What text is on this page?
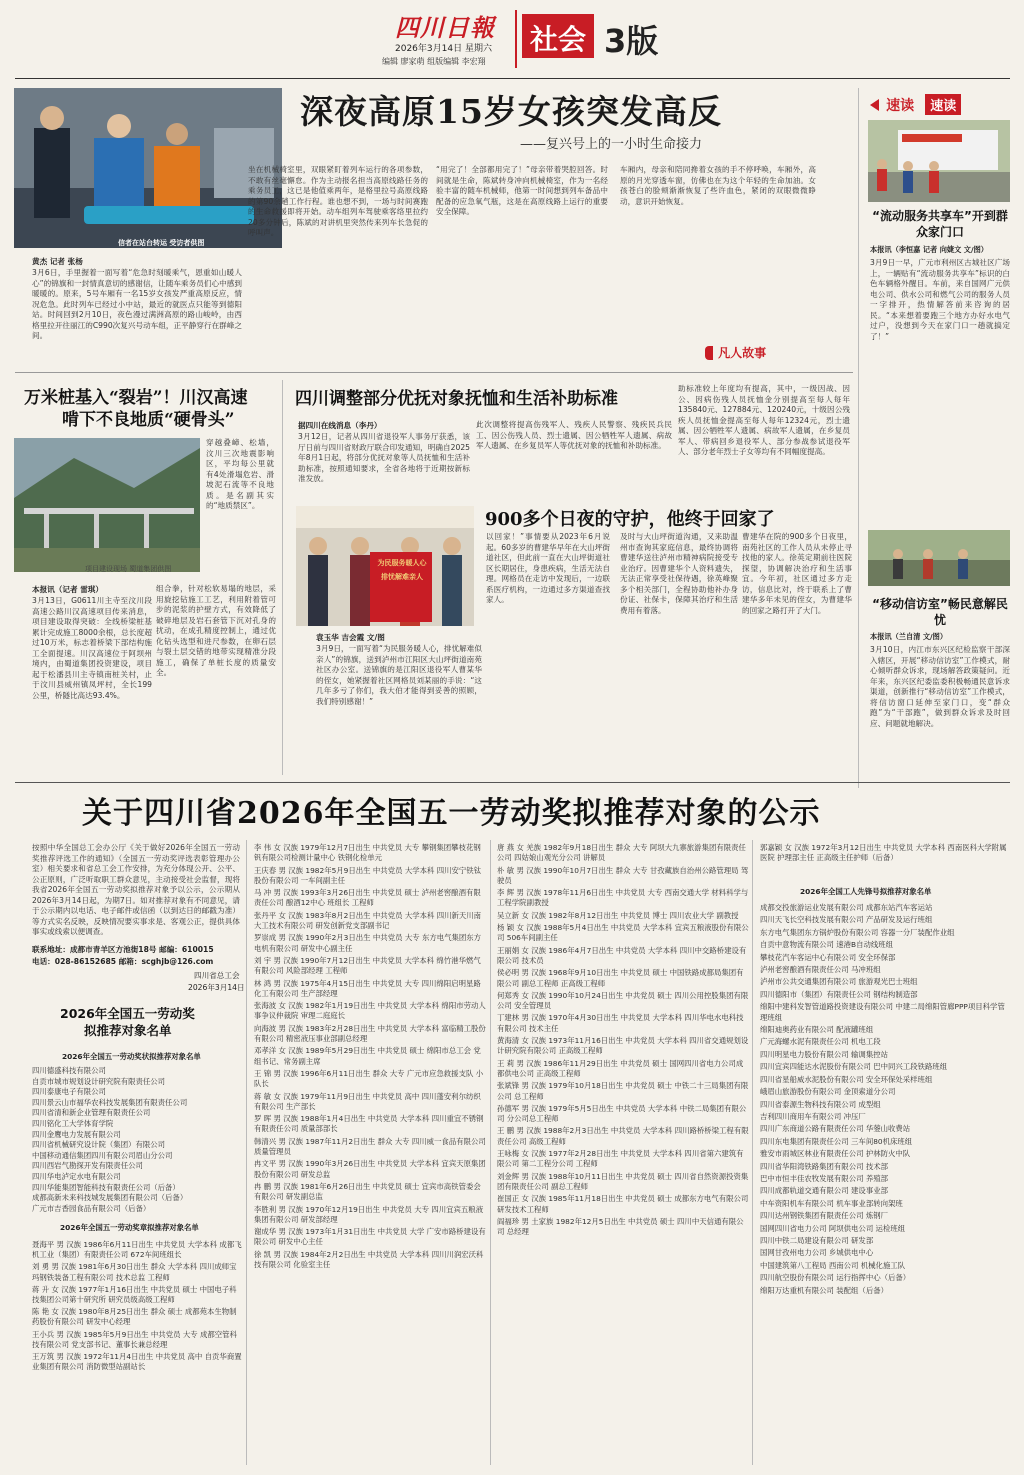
四川日報
2026年3月14日 星期六
编辑 廖家萌 组版编辑 李宏翔
社会 3版
信者在站台转运 受访者供图
深夜高原15岁女孩突发高反
——复兴号上的一小时生命接力
黄杰 记者 张杨
3月6日，手里握着一面写着“危急时刻暖乘气，恩重如山暖人心”的锦旗和一封情真意切的感谢信，让随车乘务员们心中感到暖暖的。原来，5号车厢有一名15岁女孩发严重高原反应，情况危急。此时列车已经过小中站，最近的就医点只能等到德阳站。时间回到2月10日，夜色漫过满洲高原的路山峻岭，由西格里拉开往丽江的C990次复兴号动车组，正平静穿行在群峰之间。
坐在机械椅室里，双眼紧盯着列车运行的各项参数，不敢有丝毫懈怠。作为主动报名担当高原线路任务的乘务员工，这已是他值乘两年，是格里拉号高原线路的第90余趟工作行程。谁也想不到，一场与时间赛跑的生命救援即将开始。动车组列车驾驶乘客络里拉约20多分钟后，陈斌的对讲机里突然传来列车长急促的呼叫声。
“用完了！全部都用完了！”母亲带着哭腔回答。时间就是生命，陈斌转身冲向机械椅室，作为一名经验丰富的随车机械师，他第一时间想到列车备品中配备的应急氧气瓶，这是在高原线路上运行的重要安全保障。
车厢内，母亲和陪同搀着女孩的手不停呼唤，车厢外，高原的月光穿透车窗，仿佛也在为这个年轻的生命加油。女孩苍白的脸颊渐渐恢复了些许血色，紧闭的双眼微微睁动，意识开始恢复。
凡人故事
速读 速读
“流动服务共享车”开到群众家门口
本报讯（李恒嘉 记者 向婕文 文/图）
3月9日一早，广元市利州区古城社区广场上，一辆贴有“流动服务共享车”标识的白色车辆格外醒目。车前，来自国网广元供电公司、供水公司和燃气公司的服务人员一字排开，热情解答前来咨询的居民。“本来想着要跑三个地方办好水电气过户，没想到今天在家门口一趟就搞定了！”
“移动信访室”畅民意解民忧
本报讯（兰自清 文/图）
3月10日，内江市东兴区纪检监察干部深入辖区，开展“移动信访室”工作模式，耐心倾听群众诉求，现场解答政策疑问。近年来，东兴区纪委监委积极畅通民意诉求渠道，创新推行“移动信访室”工作模式，将信访窗口延伸至家门口，变“群众跑”为“干部跑”，做到群众诉求及时回应、问题就地解决。
万米桩基入“裂岩”！川汉高速
啃下不良地质“硬骨头”
项目建设现场 蜀道集团供图
穿越叠嶂、松墙，汶川三次地震影响区，平均每公里就有4处滑塌危岩、滑坡泥石流等不良地质。是名副其实的“地质禁区”。
本报讯（记者 雷琪）
3月13日，G0611川主寺至汶川段高速公路川汉高速项目传来消息，项目建设取得突破：全线桥梁桩基累计完成施工8000余根，总长度超过10万米，标志着桥梁下部结构施工全面提速。川汉高速位于阿坝州境内，由蜀道集团投资建设，项目起于松潘县川主寺镇南桩关村，止于汶川县威州镇凤坪村，全长199公里，桥隧比高达93.4%。
组合拳，针对松软易塌的地层，采用旋挖钻施工工艺，利用附着管可步的泥浆的护壁方式，有效降低了破碎地层及岩石套管下沉对孔身的扰动，在成孔精度控制上，通过优化钻头选型和进尺参数，在卵石层与裂土层交错的地带实现精准分段施工，确保了单桩长度的质量安全。
四川调整部分优抚对象抚恤和生活补助标准
据四川在线消息（李丹）
3月12日，记者从四川省退役军人事务厅获悉，该厅日前与四川省财政厅联合印发通知，明确自2025年8月1日起，将部分优抚对象等人员抚恤和生活补助标准，按照通知要求，全省各地将于近期按新标准发放。
此次调整将提高伤残军人、残疾人民警察、残疾民兵民工、因公伤残人员、烈士遗属、因公牺牲军人遗属、病故军人遗属、在乡复员军人等优抚对象的抚恤和补助标准。
助标准较上年度均有提高，其中，一级因战、因公、因病伤残人员抚恤金分别提高至每人每年135840元、127884元、120240元，十级因公残疾人员抚恤金提高至每人每年12324元，烈士遗属、因公牺牲军人遗属、病故军人遗属，在乡复员军人、带病回乡退役军人、部分参战参试退役军人、部分老年烈士子女等均有不同幅度提高。
900多个日夜的守护，他终于回家了
为民服务暖人心
排忧解难亲人
袁玉华 吉会霞 文/图
3月9日，一面写着“为民服务暖人心，排忧解难似亲人”的锦旗，送到泸州市江阳区大山坪街道南苑社区办公室。送锦旗的是江阳区退役军人曹某华的侄女，她紧握着社区网格员刘某丽的手说：“这几年多亏了你们，我大伯才能得到妥善的照顾，我们特别感谢！”
以回家！”事情要从2023年6月说起。60多岁的曹建华早年在大山坪街道社区，但此前一直在大山坪街道社区长期居住，身患疾病，生活无法自理。网格员在走访中发现后，一边联系医疗机构，一边通过多方渠道查找家人。
及时与大山坪街道沟通，又来助温州市查询其家庭信息，最终协调将曹建华送往泸州市精神病院接受专业治疗。因曹建华个人资料遗失，无法正常享受社保待遇，徐英峰聚多个相关部门，全程协助他补办身份证、社保卡，保障其治疗和生活费用有着落。
曹建华在院的900多个日夜里，南苑社区的工作人员从未停止寻找他的家人。徐英定期前往医院探望，协调解决治疗和生活事宜。今年初，社区通过多方走访，信息比对，终于联系上了曹建华多年未见的侄女，为曹建华的回家之路打开了大门。
关于四川省2026年全国五一劳动奖拟推荐对象的公示
按照中华全国总工会办公厅《关于做好2026年全国五一劳动奖推荐评选工作的通知》（全国五一劳动奖评选表彰管理办公室）相关要求和省总工会工作安排，为充分体现公开、公平、公正原则，广泛听取职工群众意见，主动接受社会监督，现将我省2026年全国五一劳动奖拟推荐对象予以公示，公示期从2026年3月14日起，为期7日。如对推荐对象有不同意见，请于公示期内以电话、电子邮件或信函（以到达日的邮戳为准）等方式实名反映，反映情况要实事求是、客观公正，提供具体事实或线索以便调查。
联系地址：成都市青羊区方池街18号 邮编：610015
电话：028-86152685 邮箱：scghjb@126.com
四川省总工会
2026年3月14日
2026年全国五一劳动奖
拟推荐对象名单
2026年全国五一劳动奖状拟推荐对象名单
四川德盛科技有限公司
自贡市城市规划设计研究院有限责任公司
四川泰康电子有限公司
四川景云山市福华农科技发展集团有限责任公司
四川省清和新企业管理有限责任公司
四川铭化工大学体育学院
四川金鹰电力发展有限公司
四川省机械研究设计院（集团）有限公司
中国移动通信集团四川有限公司眉山分公司
四川西岩气勘探开发有限责任公司
四川华电泸定水电有限公司
四川华能集团智能科技有限责任公司（后备）
成都高新未来科技城发展集团有限公司（后备）
广元市吉香园食品有限公司（后备）
2026年全国五一劳动奖章拟推荐对象名单
聂海平 男 汉族 1986年6月11日出生 中共党员 大学本科 成都飞机工业（集团）有限责任公司 672车间班组长
刘 勇 男 汉族 1981年6月30日出生 群众 大学本科 四川成师宝玛钢铁装备工程有限公司 技术总监 工程师
蒋 升 女 汉族 1977年1月16日出生 中共党员 硕士 中国电子科技集团公司第十研究所 研究员级高级工程师
陈 艳 女 汉族 1980年8月25日出生 群众 硕士 成都苑本生物制药股份有限公司 研发中心经理
王小兵 男 汉族 1985年5月9日出生 中共党员 大专 成都空管科技有限公司 党支部书记、董事长兼总经理
王万筑 男 汉族 1972年11月4日出生 中共党员 高中 自贡华商置业集团有限公司 消防微型站副站长
李 伟 女 汉族 1979年12月7日出生 中共党员 大专 攀钢集团攀枝花钢钒有限公司检测计量中心 铁钢化检单元
王庆春 男 汉族 1982年5月9日出生 中共党员 大学本科 四川安宁铁钛股份有限公司 一车间副主任
马 冲 男 汉族 1993年3月26日出生 中共党员 硕士 泸州老窖酿酒有限责任公司 酿酒12中心 班组长 工程师
张丹平 女 汉族 1983年8月2日出生 中共党员 大学本科 四川新天川南大工技术有限公司 研发创新党支部副书记
罗崇成 男 汉族 1990年2月3日出生 中共党员 大专 东方电气集团东方电机有限公司 研发中心副主任
刘 宇 男 汉族 1990年7月12日出生 中共党员 大学本科 绵竹港华燃气有限公司 风险部经理 工程师
林 鸿 男 汉族 1975年4月15日出生 中共党员 大专 四川绵阳启明星路化工有限公司 生产部经理
张海波 女 汉族 1982年1月19日出生 中共党员 大学本科 绵阳市劳动人事争议仲裁院 审理二庭庭长
向海波 男 汉族 1983年2月28日出生 中共党员 大学本科 富临精工股份有限公司 精密液压事业部副总经理
邓孝洋 女 汉族 1989年5月29日出生 中共党员 硕士 绵阳市总工会 党组书记、常务副主席
王 锦 男 汉族 1996年6月11日出生 群众 大专 广元市应急救援支队 小队长
蒋 敏 女 汉族 1979年11月9日出生 中共党员 高中 四川蓬安利尔纺织有限公司 生产部长
罗 晖 男 汉族 1988年1月4日出生 中共党员 大学本科 四川重宜不锈钢有限责任公司 质量部部长
韩清兴 男 汉族 1987年11月2日出生 群众 大专 四川威一食品有限公司 质量管理员
冉文平 男 汉族 1990年3月26日出生 中共党员 大学本科 宜宾天原集团股份有限公司 研发总监
冉 鹏 男 汉族 1981年6月26日出生 中共党员 硕士 宜宾市高铁管委会有限公司 研发副总监
李胜利 男 汉族 1970年12月19日出生 中共党员 大专 四川宜宾五粮液集团有限公司 研发部经理
谢成华 男 汉族 1973年1月31日出生 中共党员 大学 广安市路桥建设有限公司 研发中心主任
徐 凯 男 汉族 1984年2月2日出生 中共党员 大学本科 四川川润宏沃科技有限公司 化验室主任
唐 燕 女 羌族 1982年9月18日出生 群众 大专 阿坝大九寨旅游集团有限责任公司 四姑娘山观光分公司 讲解员
朴 敏 男 汉族 1990年10月7日出生 群众 大专 甘孜藏族自治州公路管理局 驾驶员
李 辉 男 汉族 1978年11月6日出生 中共党员 大专 西南交通大学 材料科学与工程学院副教授
吴立新 女 汉族 1982年8月12日出生 中共党员 博士 四川农业大学 副教授
杨 颖 女 汉族 1988年5月4日出生 中共党员 大学本科 宜宾五粮液股份有限公司 506车间副主任
王丽娟 女 汉族 1986年4月7日出生 中共党员 大学本科 四川中交路桥建设有限公司 技术员
侯必明 男 汉族 1968年9月10日出生 中共党员 硕士 中国铁路成都局集团有限公司 副总工程师 正高级工程师
何郑秀 女 汉族 1990年10月24日出生 中共党员 硕士 四川公用控股集团有限公司 安全管理员
丁建林 男 汉族 1970年4月30日出生 中共党员 大学本科 四川华电水电科技有限公司 技术主任
黄海清 女 汉族 1973年11月16日出生 中共党员 大学本科 四川省交通规划设计研究院有限公司 正高级工程师
王 莉 男 汉族 1986年11月29日出生 中共党员 硕士 国网四川省电力公司成都供电公司 正高级工程师
张斌锋 男 汉族 1979年10月18日出生 中共党员 硕士 中铁二十三局集团有限公司 总工程师
孙德军 男 汉族 1979年5月5日出生 中共党员 大学本科 中铁二局集团有限公司 分公司总工程师
王 鹏 男 汉族 1988年2月3日出生 中共党员 大学本科 四川路桥桥梁工程有限责任公司 高级工程师
王咏梅 女 汉族 1977年2月28日出生 中共党员 大学本科 四川省第六建筑有限公司 第二工程分公司 工程师
刘金辉 男 汉族 1988年10月11日出生 中共党员 硕士 四川省自然资源投资集团有限责任公司 副总工程师
崔国正 女 汉族 1985年11月18日出生 中共党员 硕士 成都东方电气有限公司 研发技术工程师
阎福珍 男 土家族 1982年12月5日出生 中共党员 硕士 四川中天信通有限公司 总经理
郭嘉颖 女 汉族 1972年3月12日出生 中共党员 大学本科 西南医科大学附属医院 护理部主任 正高级主任护师（后备）
2026年全国工人先锋号拟推荐对象名单
成都交投旅游运业发展有限公司 成都东站汽车客运站
四川天飞长空科技发展有限公司 产品研发及运行班组
东方电气集团东方锅炉股份有限公司 容器一分厂装配作业组
自贡中意物流有限公司 速港B自动线班组
攀枝花汽车客运中心有限公司 安全环保部
泸州老窖酿酒有限责任公司 马冲班组
泸州市公共交通集团有限公司 旅游观光巴士班组
四川德阳市（集团）有限责任公司 钢结构制造部
绵阳中建科发智管道路投资建设有限公司 中建二局绵阳管廊PPP项目科学管理班组
绵阳迪奥药业有限公司 配液罐班组
广元海螺水泥有限责任公司 机电工段
四川明星电力股份有限公司 输调集控站
四川宜宾四能达水泥股份有限公司 巴中同兴工段铁路班组
四川省星船威水泥股份有限公司 安全环保处采样班组
峨眉山旅游股份有限公司 金顶索道分公司
四川省泰源生物科技有限公司 成型组
吉利四川商用车有限公司 冲压厂
四川广东商道公路有限责任公司 华蓥山收费站
四川东电集团有限责任公司 三车间80机床班组
雅安市雨城区林业有限责任公司 护林防火中队
四川省华阳湾铁路集团有限公司 技术部
巴中市恒丰佳农牧发展有限公司 养殖部
四川成都轨道交通有限公司 建设事业部
中车资阳机车有限公司 机车事业部转向架班
四川达州钢铁集团有限责任公司 炼钢厂
国网四川省电力公司 阿坝供电公司 运检班组
四川中铁二局建设有限公司 研发部
国网甘孜州电力公司 乡城供电中心
中国建筑第八工程局 西南公司 机械化施工队
四川航空股份有限公司 运行指挥中心（后备）
绵阳万达重机有限公司 装配组（后备）
